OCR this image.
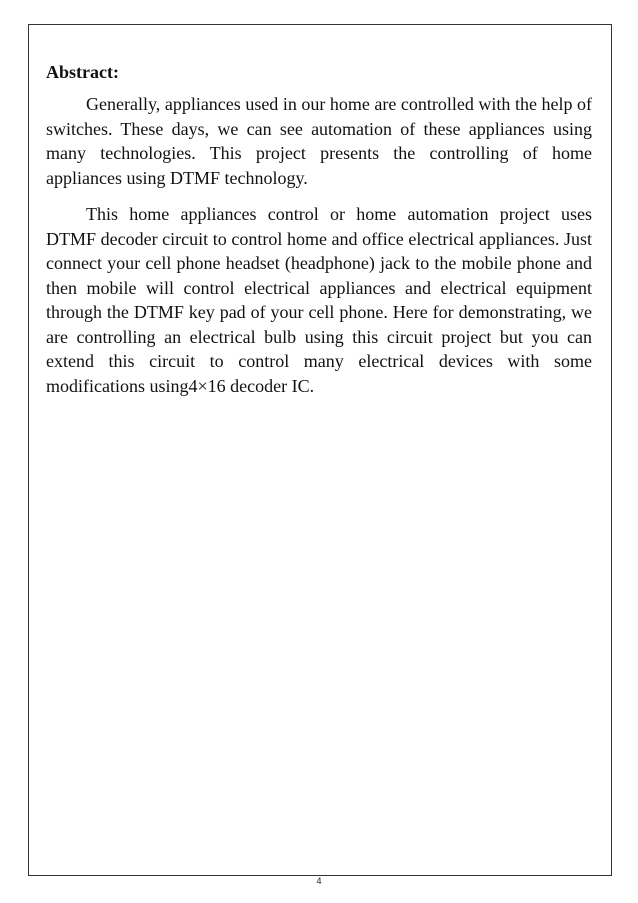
Abstract:

Generally, appliances used in our home are controlled with the help of switches. These days, we can see automation of these appliances using many technologies. This project presents the controlling of home appliances using DTMF technology.

This home appliances control or home automation project uses DTMF decoder circuit to control home and office electrical appliances. Just connect your cell phone headset (headphone) jack to the mobile phone and then mobile will control electrical appliances and electrical equipment through the DTMF key pad of your cell phone. Here for demonstrating, we are controlling an electrical bulb using this circuit project but you can extend this circuit to control many electrical devices with some modifications using4×16 decoder IC.

4
